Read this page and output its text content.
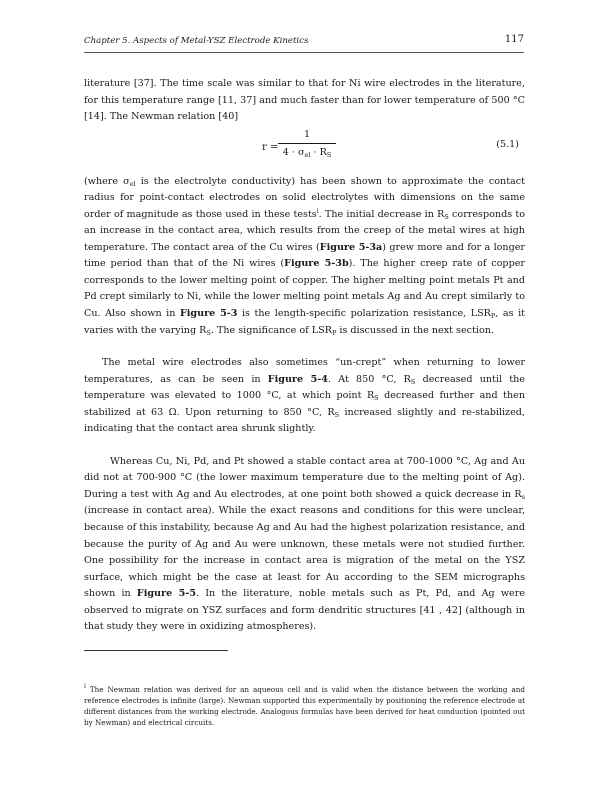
Chapter 5. Aspects of Metal-YSZ Electrode Kinetics	117

literature [37]. The time scale was similar to that for Ni wire electrodes in the literature, for this temperature range [11, 37] and much faster than for lower temperature of 500 °C [14]. The Newman relation [40]

r =
1
$4 \cdot \sigma_{el} \cdot R_S$
(5.1)

(where $\sigma_{el}$ is the electrolyte conductivity) has been shown to approximate the contact radius for point-contact electrodes on solid electrolytes with dimensions on the same order of magnitude as those used in these tests$^i$. The initial decrease in $R_S$ corresponds to an increase in the contact area, which results from the creep of the metal wires at high temperature. The contact area of the Cu wires (Figure 5-3a) grew more and for a longer time period than that of the Ni wires (Figure 5-3b). The higher creep rate of copper corresponds to the lower melting point of copper. The higher melting point metals Pt and Pd crept similarly to Ni, while the lower melting point metals Ag and Au crept similarly to Cu. Also shown in Figure 5-3 is the length-specific polarization resistance, $LSR_P$, as it varies with the varying $R_S$. The significance of $LSR_P$ is discussed in the next section.

The metal wire electrodes also sometimes “un-crept” when returning to lower temperatures, as can be seen in Figure 5-4. At 850 °C, $R_S$ decreased until the temperature was elevated to 1000 °C, at which point $R_S$ decreased further and then stabilized at 63 Ω. Upon returning to 850 °C, $R_S$ increased slightly and re-stabilized, indicating that the contact area shrunk slightly.

Whereas Cu, Ni, Pd, and Pt showed a stable contact area at 700-1000 °C, Ag and Au did not at 700-900 °C (the lower maximum temperature due to the melting point of Ag). During a test with Ag and Au electrodes, at one point both showed a quick decrease in $R_s$ (increase in contact area). While the exact reasons and conditions for this were unclear, because of this instability, because Ag and Au had the highest polarization resistance, and because the purity of Ag and Au were unknown, these metals were not studied further. One possibility for the increase in contact area is migration of the metal on the YSZ surface, which might be the case at least for Au according to the SEM micrographs shown in Figure 5-5. In the literature, noble metals such as Pt, Pd, and Ag were observed to migrate on YSZ surfaces and form dendritic structures [41 , 42] (although in that study they were in oxidizing atmospheres).

$^i$ The Newman relation was derived for an aqueous cell and is valid when the distance between the working and reference electrodes is infinite (large). Newman supported this experimentally by positioning the reference electrode at different distances from the working electrode. Analogous formulas have been derived for heat conduction (pointed out by Newman) and electrical circuits.
